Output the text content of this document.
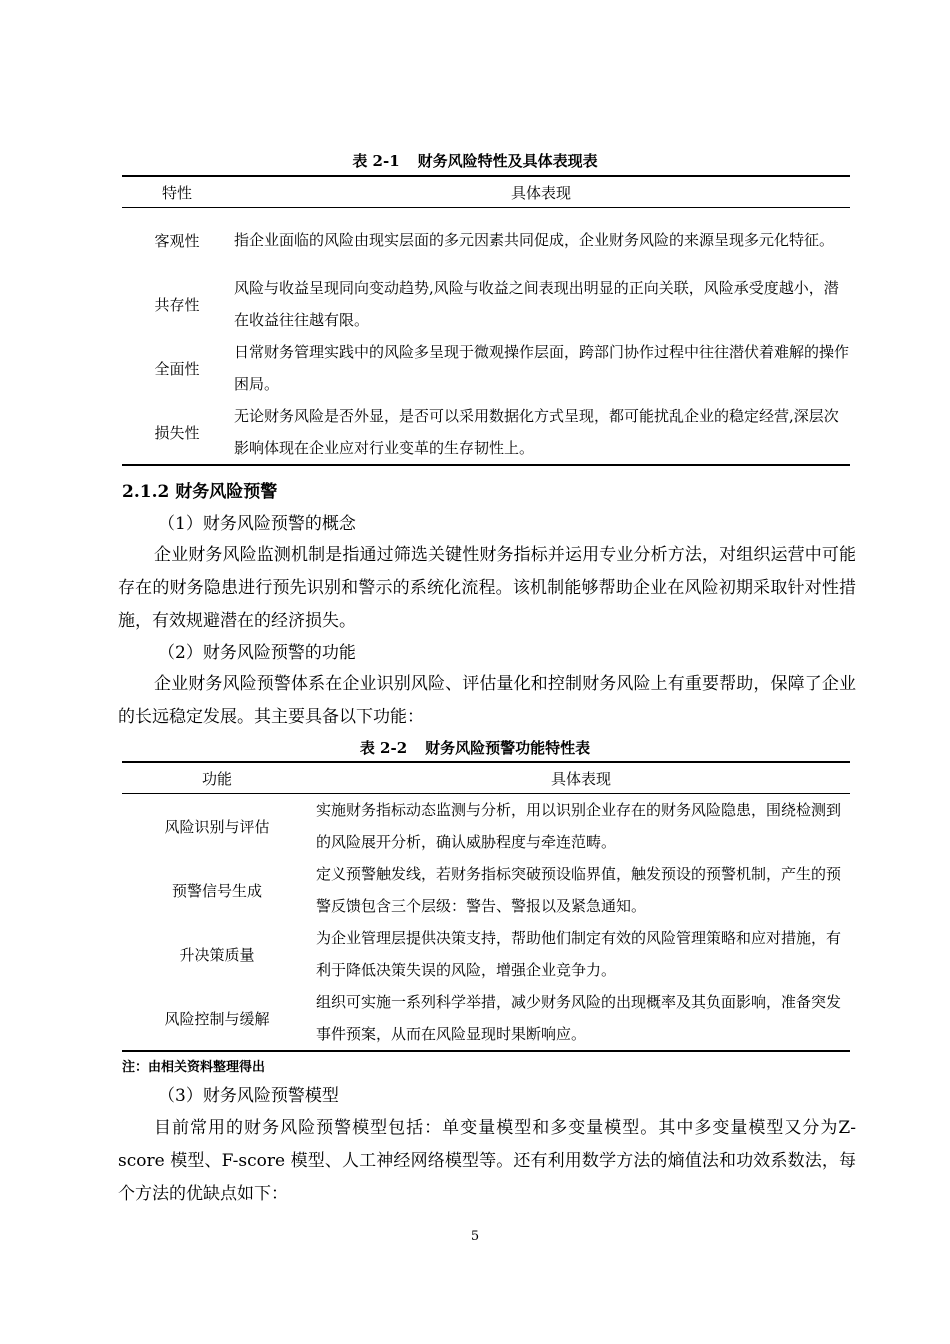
表 2-1 财务风险特性及具体表现表
特性	具体表现
客观性	指企业面临的风险由现实层面的多元因素共同促成，企业财务风险的来源呈现多元化特征。
共存性	风险与收益呈现同向变动趋势,风险与收益之间表现出明显的正向关联，风险承受度越小，潜在收益往往越有限。
全面性	日常财务管理实践中的风险多呈现于微观操作层面，跨部门协作过程中往往潜伏着难解的操作困局。
损失性	无论财务风险是否外显，是否可以采用数据化方式呈现，都可能扰乱企业的稳定经营,深层次影响体现在企业应对行业变革的生存韧性上。
2.1.2 财务风险预警
（1）财务风险预警的概念
企业财务风险监测机制是指通过筛选关键性财务指标并运用专业分析方法，对组织运营中可能存在的财务隐患进行预先识别和警示的系统化流程。该机制能够帮助企业在风险初期采取针对性措施，有效规避潜在的经济损失。
（2）财务风险预警的功能
企业财务风险预警体系在企业识别风险、评估量化和控制财务风险上有重要帮助，保障了企业的长远稳定发展。其主要具备以下功能：
表 2-2 财务风险预警功能特性表
功能	具体表现
风险识别与评估	实施财务指标动态监测与分析，用以识别企业存在的财务风险隐患，围绕检测到的风险展开分析，确认威胁程度与牵连范畴。
预警信号生成	定义预警触发线，若财务指标突破预设临界值，触发预设的预警机制，产生的预警反馈包含三个层级：警告、警报以及紧急通知。
升决策质量	为企业管理层提供决策支持，帮助他们制定有效的风险管理策略和应对措施，有利于降低决策失误的风险，增强企业竞争力。
风险控制与缓解	组织可实施一系列科学举措，减少财务风险的出现概率及其负面影响，准备突发事件预案，从而在风险显现时果断响应。
注：由相关资料整理得出
（3）财务风险预警模型
目前常用的财务风险预警模型包括：单变量模型和多变量模型。其中多变量模型又分为Z-score 模型、F-score 模型、人工神经网络模型等。还有利用数学方法的熵值法和功效系数法，每个方法的优缺点如下：
5
